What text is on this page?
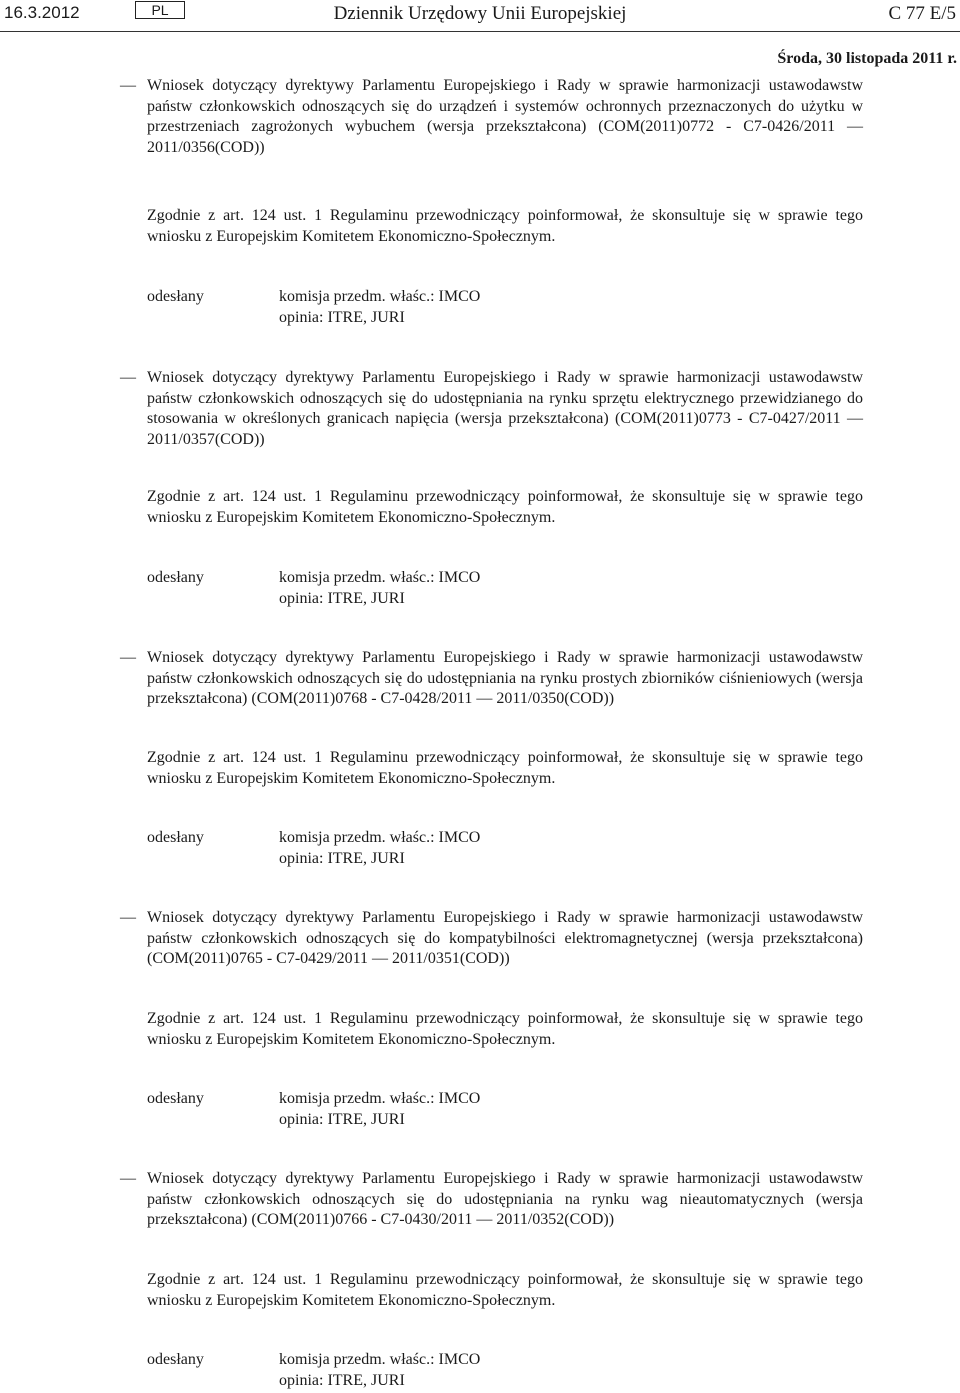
16.3.2012	PL	Dziennik Urzędowy Unii Europejskiej	C 77 E/5
Środa, 30 listopada 2011 r.
— Wniosek dotyczący dyrektywy Parlamentu Europejskiego i Rady w sprawie harmonizacji ustawodawstw państw członkowskich odnoszących się do urządzeń i systemów ochronnych przeznaczonych do użytku w przestrzeniach zagrożonych wybuchem (wersja przekształcona) (COM(2011)0772 - C7-0426/2011 — 2011/0356(COD))
Zgodnie z art. 124 ust. 1 Regulaminu przewodniczący poinformował, że skonsultuje się w sprawie tego wniosku z Europejskim Komitetem Ekonomiczno-Społecznym.
odesłany	komisja przedm. właśc.: IMCO
opinia: ITRE, JURI
— Wniosek dotyczący dyrektywy Parlamentu Europejskiego i Rady w sprawie harmonizacji ustawodawstw państw członkowskich odnoszących się do udostępniania na rynku sprzętu elektrycznego przewidzianego do stosowania w określonych granicach napięcia (wersja przekształcona) (COM(2011)0773 - C7-0427/2011 — 2011/0357(COD))
Zgodnie z art. 124 ust. 1 Regulaminu przewodniczący poinformował, że skonsultuje się w sprawie tego wniosku z Europejskim Komitetem Ekonomiczno-Społecznym.
odesłany	komisja przedm. właśc.: IMCO
opinia: ITRE, JURI
— Wniosek dotyczący dyrektywy Parlamentu Europejskiego i Rady w sprawie harmonizacji ustawodawstw państw członkowskich odnoszących się do udostępniania na rynku prostych zbiorników ciśnieniowych (wersja przekształcona) (COM(2011)0768 - C7-0428/2011 — 2011/0350(COD))
Zgodnie z art. 124 ust. 1 Regulaminu przewodniczący poinformował, że skonsultuje się w sprawie tego wniosku z Europejskim Komitetem Ekonomiczno-Społecznym.
odesłany	komisja przedm. właśc.: IMCO
opinia: ITRE, JURI
— Wniosek dotyczący dyrektywy Parlamentu Europejskiego i Rady w sprawie harmonizacji ustawodawstw państw członkowskich odnoszących się do kompatybilności elektromagnetycznej (wersja przekształcona) (COM(2011)0765 - C7-0429/2011 — 2011/0351(COD))
Zgodnie z art. 124 ust. 1 Regulaminu przewodniczący poinformował, że skonsultuje się w sprawie tego wniosku z Europejskim Komitetem Ekonomiczno-Społecznym.
odesłany	komisja przedm. właśc.: IMCO
opinia: ITRE, JURI
— Wniosek dotyczący dyrektywy Parlamentu Europejskiego i Rady w sprawie harmonizacji ustawodawstw państw członkowskich odnoszących się do udostępniania na rynku wag nieautomatycznych (wersja przekształcona) (COM(2011)0766 - C7-0430/2011 — 2011/0352(COD))
Zgodnie z art. 124 ust. 1 Regulaminu przewodniczący poinformował, że skonsultuje się w sprawie tego wniosku z Europejskim Komitetem Ekonomiczno-Społecznym.
odesłany	komisja przedm. właśc.: IMCO
opinia: ITRE, JURI
